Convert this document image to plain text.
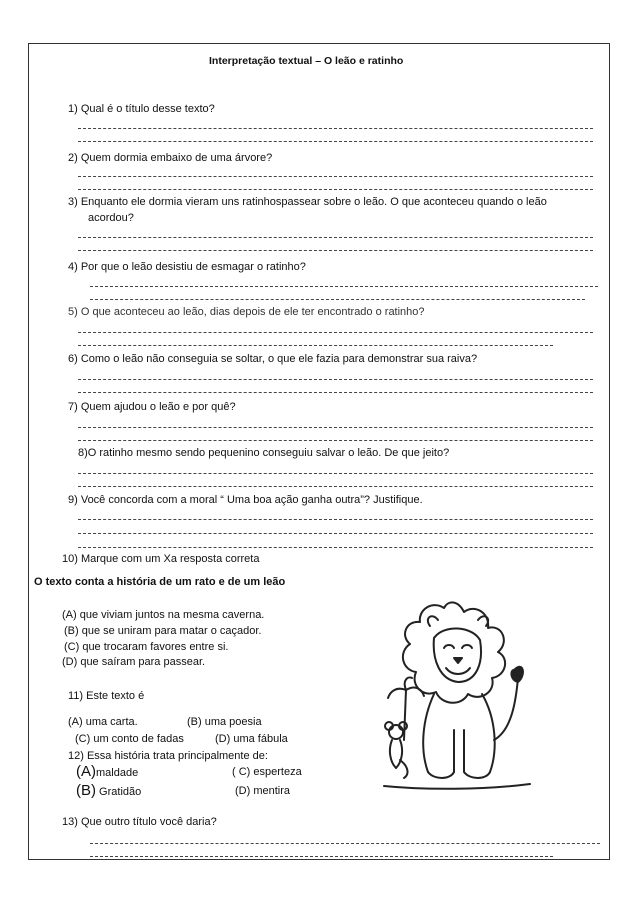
Interpretação textual – O leão e ratinho
1) Qual é o título desse texto?
2) Quem dormia embaixo de uma árvore?
3) Enquanto ele dormia vieram uns ratinhospassear sobre o leão. O que aconteceu quando o leão
acordou?
4) Por que o leão desistiu de esmagar o ratinho?
5) O que aconteceu ao leão, dias depois de ele ter encontrado o ratinho?
6) Como o leão não conseguia se soltar, o que ele fazia para demonstrar sua raiva?
7) Quem ajudou o leão e por quê?
8)O ratinho mesmo sendo pequenino conseguiu salvar o leão. De que jeito?
9) Você concorda com a moral “ Uma boa ação ganha outra”? Justifique.
10) Marque com um Xa resposta correta
O texto conta a história de um rato e de um leão
(A) que viviam juntos na mesma caverna.
(B) que se uniram para matar o caçador.
(C) que trocaram favores entre si.
(D) que saíram para passear.
11) Este texto é
(A) uma carta.	(B) uma poesia
(C) um conto de fadas	(D) uma fábula
12) Essa história trata principalmente de:
(A)maldade	( C) esperteza
(B) Gratidão	(D) mentira
13) Que outro título você daria?
